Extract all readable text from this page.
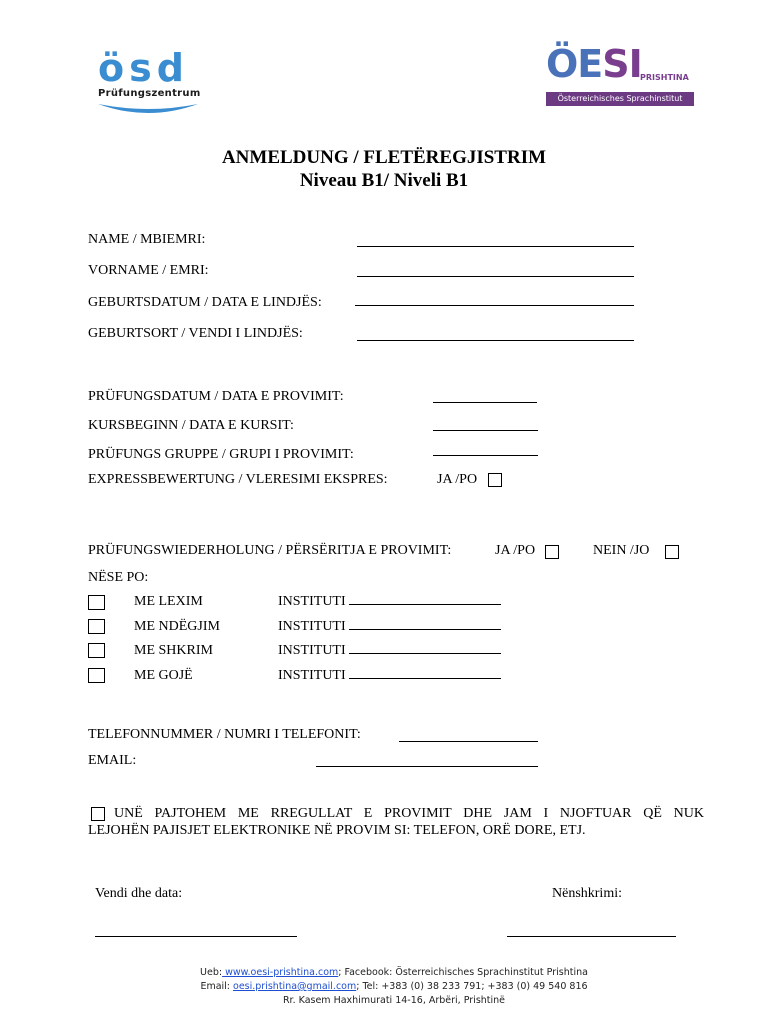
ösd
Prüfungszentrum
ÖESI
PRISHTINA
Österreichisches Sprachinstitut
ANMELDUNG / FLETËREGJISTRIM
Niveau B1/ Niveli B1
NAME / MBIEMRI:
VORNAME / EMRI:
GEBURTSDATUM / DATA E LINDJËS:
GEBURTSORT / VENDI I LINDJËS:
PRÜFUNGSDATUM / DATA E PROVIMIT:
KURSBEGINN / DATA E KURSIT:
PRÜFUNGS GRUPPE / GRUPI I PROVIMIT:
EXPRESSBEWERTUNG / VLERESIMI EKSPRES:	JA /PO
PRÜFUNGSWIEDERHOLUNG / PËRSËRITJA E PROVIMIT:	JA /PO	NEIN /JO
NËSE PO:
ME LEXIM	INSTITUTI
ME NDËGJIM	INSTITUTI
ME SHKRIM	INSTITUTI
ME GOJË	INSTITUTI
TELEFONNUMMER / NUMRI I TELEFONIT:
EMAIL:
UNË PAJTOHEM ME RREGULLAT E PROVIMIT DHE JAM I NJOFTUAR QË NUK
LEJOHËN PAJISJET ELEKTRONIKE NË PROVIM SI: TELEFON, ORË DORE, ETJ.
Vendi dhe data:	Nënshkrimi:
Ueb: www.oesi-prishtina.com; Facebook: Österreichisches Sprachinstitut Prishtina
Email: oesi.prishtina@gmail.com; Tel: +383 (0) 38 233 791; +383 (0) 49 540 816
Rr. Kasem Haxhimurati 14-16, Arbëri, Prishtinë
